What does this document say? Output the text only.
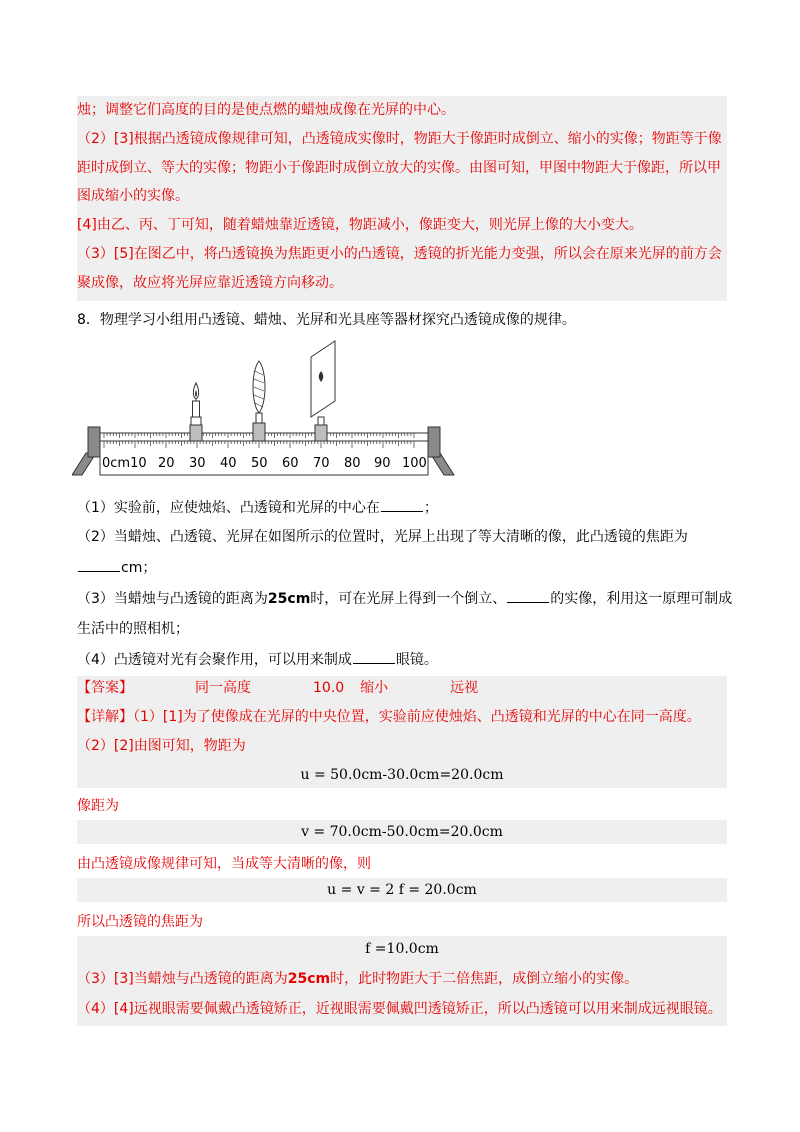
烛；调整它们高度的目的是使点燃的蜡烛成像在光屏的中心。
（2）[3]根据凸透镜成像规律可知，凸透镜成实像时，物距大于像距时成倒立、缩小的实像；物距等于像
距时成倒立、等大的实像；物距小于像距时成倒立放大的实像。由图可知，甲图中物距大于像距，所以甲
图成缩小的实像。
[4]由乙、丙、丁可知，随着蜡烛靠近透镜，物距减小，像距变大，则光屏上像的大小变大。
（3）[5]在图乙中，将凸透镜换为焦距更小的凸透镜，透镜的折光能力变强，所以会在原来光屏的前方会
聚成像，故应将光屏应靠近透镜方向移动。
8．物理学习小组用凸透镜、蜡烛、光屏和光具座等器材探究凸透镜成像的规律。
0cm10 20 30 40 50 60 70 80 90 100
（1）实验前，应使烛焰、凸透镜和光屏的中心在	；
（2）当蜡烛、凸透镜、光屏在如图所示的位置时，光屏上出现了等大清晰的像，此凸透镜的焦距为
cm；
（3）当蜡烛与凸透镜的距离为25cm时，可在光屏上得到一个倒立、	的实像，利用这一原理可制成
生活中的照相机；
（4）凸透镜对光有会聚作用，可以用来制成	眼镜。
【答案】	同一高度	10.0 缩小	远视
【详解】（1）[1]为了使像成在光屏的中央位置，实验前应使烛焰、凸透镜和光屏的中心在同一高度。
（2）[2]由图可知，物距为
u = 50.0cm-30.0cm=20.0cm
像距为
v = 70.0cm-50.0cm=20.0cm
由凸透镜成像规律可知，当成等大清晰的像，则
u = v = 2 f = 20.0cm
所以凸透镜的焦距为
f =10.0cm
（3）[3]当蜡烛与凸透镜的距离为25cm时，此时物距大于二倍焦距，成倒立缩小的实像。
（4）[4]远视眼需要佩戴凸透镜矫正，近视眼需要佩戴凹透镜矫正，所以凸透镜可以用来制成远视眼镜。
